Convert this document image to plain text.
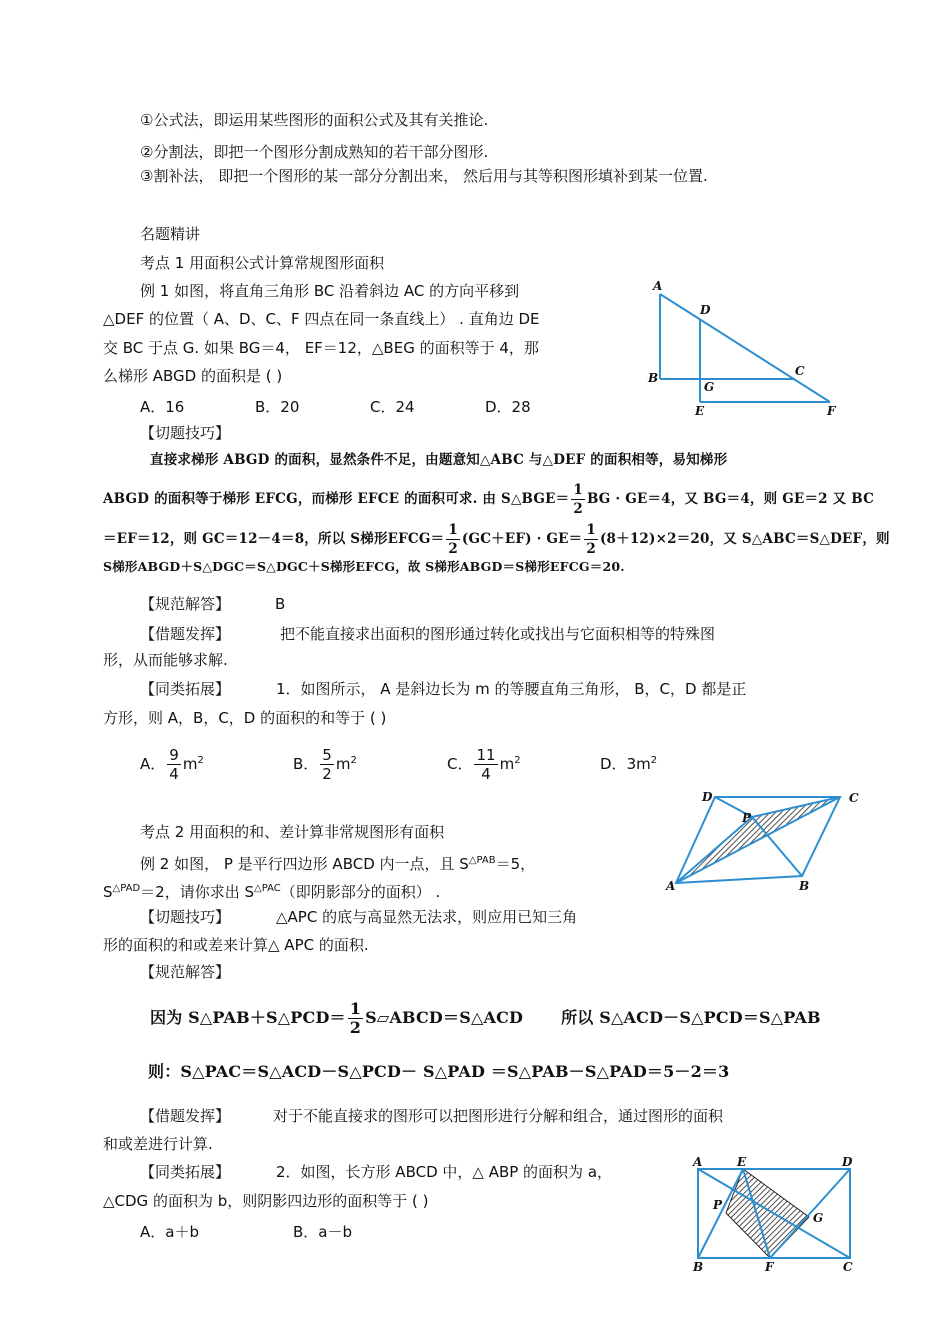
①公式法，即运用某些图形的面积公式及其有关推论.
②分割法，即把一个图形分割成熟知的若干部分图形.
③割补法， 即把一个图形的某一部分分割出来， 然后用与其等积图形填补到某一位置.
名题精讲
考点 1 用面积公式计算常规图形面积
例 1 如图，将直角三角形 BC 沿着斜边 AC 的方向平移到
△DEF 的位置（ A、D、C、F 四点在同一条直线上） . 直角边 DE
交 BC 于点 G. 如果 BG＝4， EF＝12，△BEG 的面积等于 4，那
么梯形 ABGD 的面积是 ( )
A．16	B．20	C．24	D．28
A
D
B
G
C
E	F
【切题技巧】
直接求梯形 ABGD 的面积，显然条件不足，由题意知△ABC 与△DEF 的面积相等，易知梯形
ABGD 的面积等于梯形 EFCG，而梯形 EFCE 的面积可求. 由 S△BGE＝ $\frac{1}{2}$ BG · GE＝4，又 BG＝4，则 GE＝2 又 BC
＝EF＝12，则 GC＝12－4＝8，所以 S梯形EFCG＝ $\frac{1}{2} (GC+EF) \cdot GE= \frac{1}{2} (8+12)\times 2=20$，又 S△ABC＝S△DEF，则
S梯形ABGD＋S△DGC＝S△DGC＋S梯形EFCG，故 S梯形ABGD＝S梯形EFCG＝20.
【规范解答】	B
【借题发挥】	把不能直接求出面积的图形通过转化或找出与它面积相等的特殊图
形，从而能够求解.
【同类拓展】	1．如图所示， A 是斜边长为 m 的等腰直角三角形， B，C，D 都是正
方形，则 A，B，C，D 的面积的和等于 ( )
A． $\frac{9}{4} m^2$	B． $\frac{5}{2} m^2$	C． $\frac{11}{4} m^2$	D．$3m^2$
D	C
P
A	B
考点 2 用面积的和、差计算非常规图形有面积
例 2 如图， P 是平行四边形 ABCD 内一点，且 $S^{\triangle PAB}=5$，
$S^{\triangle PAD}=2$，请你求出 $S^{\triangle PAC}$（即阴影部分的面积） .
【切题技巧】	△APC 的底与高显然无法求，则应用已知三角
形的面积的和或差来计算△ APC 的面积.
【规范解答】
因为 S△PAB＋S△PCD＝ $\frac{1}{2}$ S▱ABCD＝S△ACD 所以 S△ACD－S△PCD＝S△PAB
则：S△PAC＝S△ACD－S△PCD－ S△PAD ＝S△PAB－S△PAD＝5－2＝3
【借题发挥】	对于不能直接求的图形可以把图形进行分解和组合，通过图形的面积
和或差进行计算.
【同类拓展】	2．如图，长方形 ABCD 中，△ ABP 的面积为 a，
△CDG 的面积为 b，则阴影四边形的面积等于 ( )
A．a＋b	B．a－b
A	E	D
P
G
B	F	C
